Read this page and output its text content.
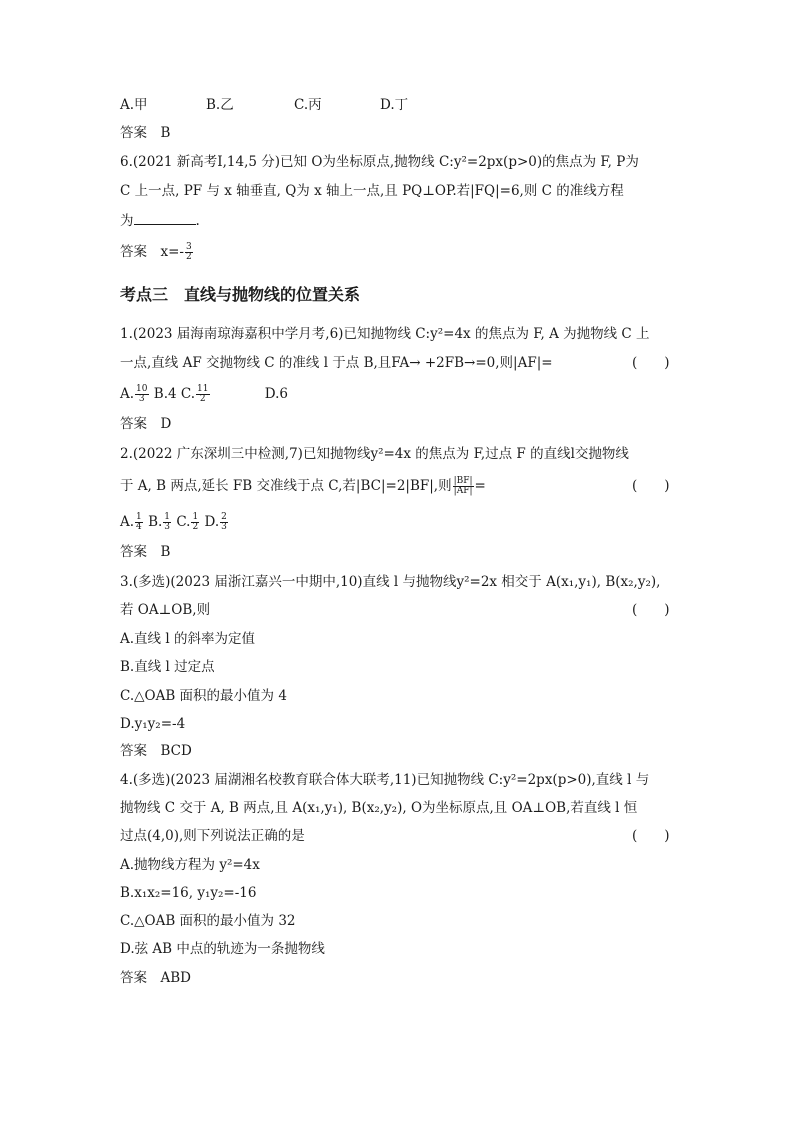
A.甲	B.乙	C.丙	D.丁
答案　B
6.(2021 新高考Ⅰ,14,5 分)已知 O为坐标原点,抛物线 C:y²=2px(p>0)的焦点为 F, P为
C 上一点, PF 与 x 轴垂直, Q为 x 轴上一点,且 PQ⊥OP.若|FQ|=6,则 C 的准线方程
为	.
答案　$x=- \frac{3}{2}$
考点三　直线与抛物线的位置关系
1.(2023 届海南琼海嘉积中学月考,6)已知抛物线 C:y²=4x 的焦点为 F, A 为抛物线 C 上
一点,直线 AF 交抛物线 C 的准线 l 于点 B,且FA→ +2FB→=0,则|AF|=	(　　)
A. $\frac{10}{3} B.4$ C. $\frac{11}{2}$	D.6
答案　D
2.(2022 广东深圳三中检测,7)已知抛物线y²=4x 的焦点为 F,过点 F 的直线l交抛物线
于 A, B 两点,延长 FB 交准线于点 C,若|BC|=2|BF|,则 $\frac{|BF|}{|AF|}$ =	(　　)
A. $\frac{1}{4} B$. $\frac{1}{3} C$. $\frac{1}{2} D$. $\frac{2}{3}$
答案　B
3.(多选)(2023 届浙江嘉兴一中期中,10)直线 l 与抛物线y²=2x 相交于 A(x₁,y₁), B(x₂,y₂),
若 OA⊥OB,则	(　　)
A.直线 l 的斜率为定值
B.直线 l 过定点
C.△OAB 面积的最小值为 4
D.y₁y₂=-4
答案　BCD
4.(多选)(2023 届湖湘名校教育联合体大联考,11)已知抛物线 C:y²=2px(p>0),直线 l 与
抛物线 C 交于 A, B 两点,且 A(x₁,y₁), B(x₂,y₂), O为坐标原点,且 OA⊥OB,若直线 l 恒
过点(4,0),则下列说法正确的是	(　　)
A.抛物线方程为 y²=4x
B.x₁x₂=16, y₁y₂=-16
C.△OAB 面积的最小值为 32
D.弦 AB 中点的轨迹为一条抛物线
答案　ABD
